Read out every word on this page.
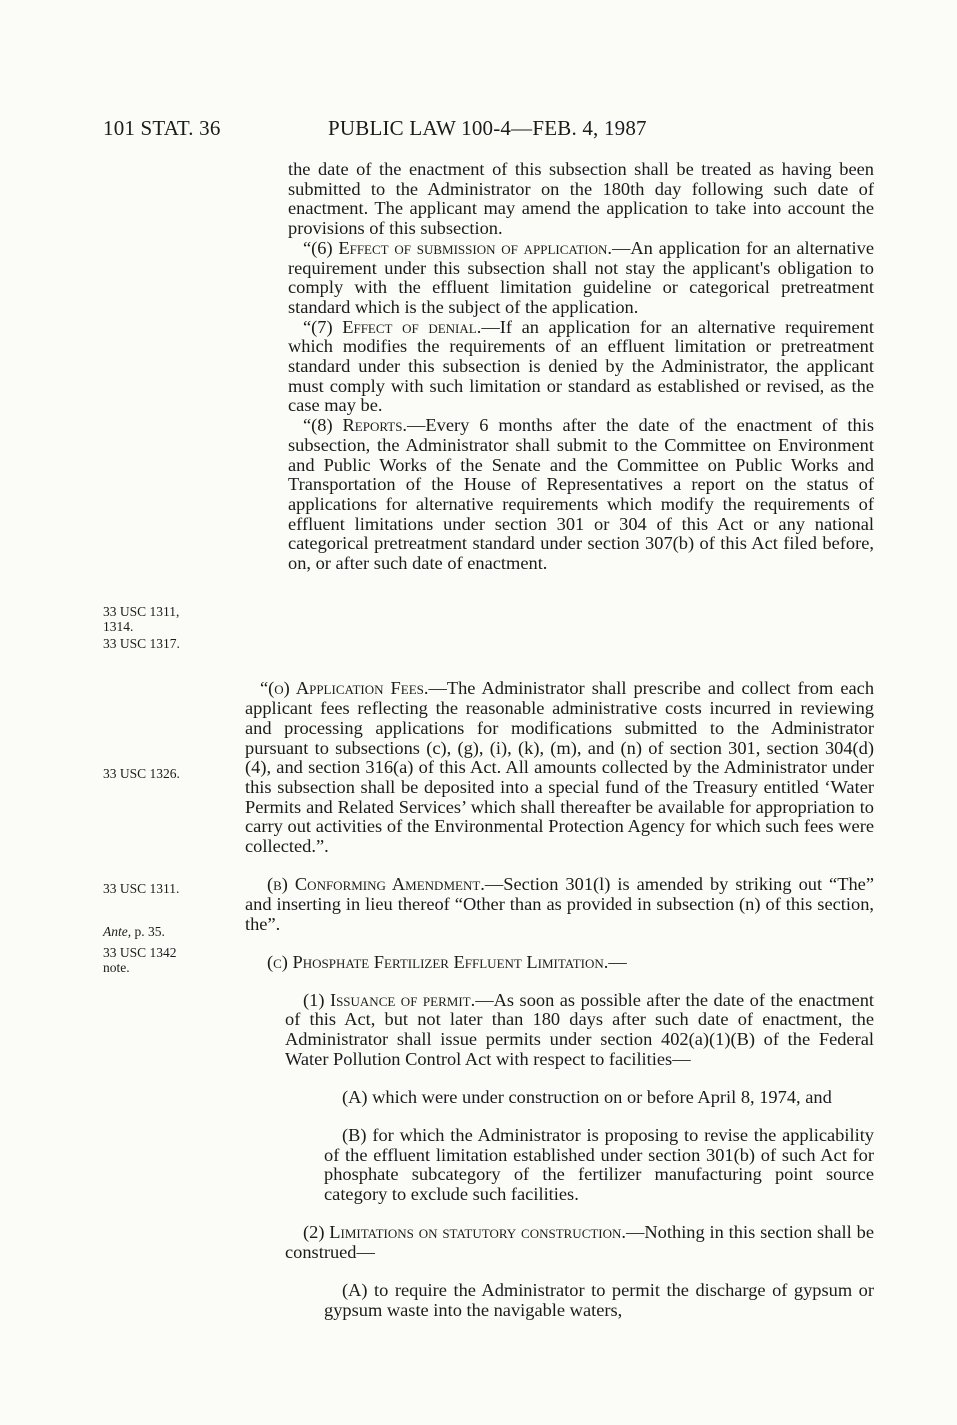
101 STAT. 36	PUBLIC LAW 100-4—FEB. 4, 1987

the date of the enactment of this subsection shall be treated as having been submitted to the Administrator on the 180th day following such date of enactment. The applicant may amend the application to take into account the provisions of this subsection.

“(6) Effect of submission of application.—An application for an alternative requirement under this subsection shall not stay the applicant's obligation to comply with the effluent limitation guideline or categorical pretreatment standard which is the subject of the application.

“(7) Effect of denial.—If an application for an alternative requirement which modifies the requirements of an effluent limitation or pretreatment standard under this subsection is denied by the Administrator, the applicant must comply with such limitation or standard as established or revised, as the case may be.

“(8) Reports.—Every 6 months after the date of the enactment of this subsection, the Administrator shall submit to the Committee on Environment and Public Works of the Senate and the Committee on Public Works and Transportation of the House of Representatives a report on the status of applications for alternative requirements which modify the requirements of effluent limitations under section 301 or 304 of this Act or any national categorical pretreatment standard under section 307(b) of this Act filed before, on, or after such date of enactment.

“(o) Application Fees.—The Administrator shall prescribe and collect from each applicant fees reflecting the reasonable administrative costs incurred in reviewing and processing applications for modifications submitted to the Administrator pursuant to subsections (c), (g), (i), (k), (m), and (n) of section 301, section 304(d)(4), and section 316(a) of this Act. All amounts collected by the Administrator under this subsection shall be deposited into a special fund of the Treasury entitled ‘Water Permits and Related Services’ which shall thereafter be available for appropriation to carry out activities of the Environmental Protection Agency for which such fees were collected.”.

(b) Conforming Amendment.—Section 301(l) is amended by striking out “The” and inserting in lieu thereof “Other than as provided in subsection (n) of this section, the”.

(c) Phosphate Fertilizer Effluent Limitation.—

(1) Issuance of permit.—As soon as possible after the date of the enactment of this Act, but not later than 180 days after such date of enactment, the Administrator shall issue permits under section 402(a)(1)(B) of the Federal Water Pollution Control Act with respect to facilities—

(A) which were under construction on or before April 8, 1974, and

(B) for which the Administrator is proposing to revise the applicability of the effluent limitation established under section 301(b) of such Act for phosphate subcategory of the fertilizer manufacturing point source category to exclude such facilities.

(2) Limitations on statutory construction.—Nothing in this section shall be construed—

(A) to require the Administrator to permit the discharge of gypsum or gypsum waste into the navigable waters,

33 USC 1311,
1314.
33 USC 1317.
33 USC 1326.
33 USC 1311.
Ante, p. 35.
33 USC 1342
note.
